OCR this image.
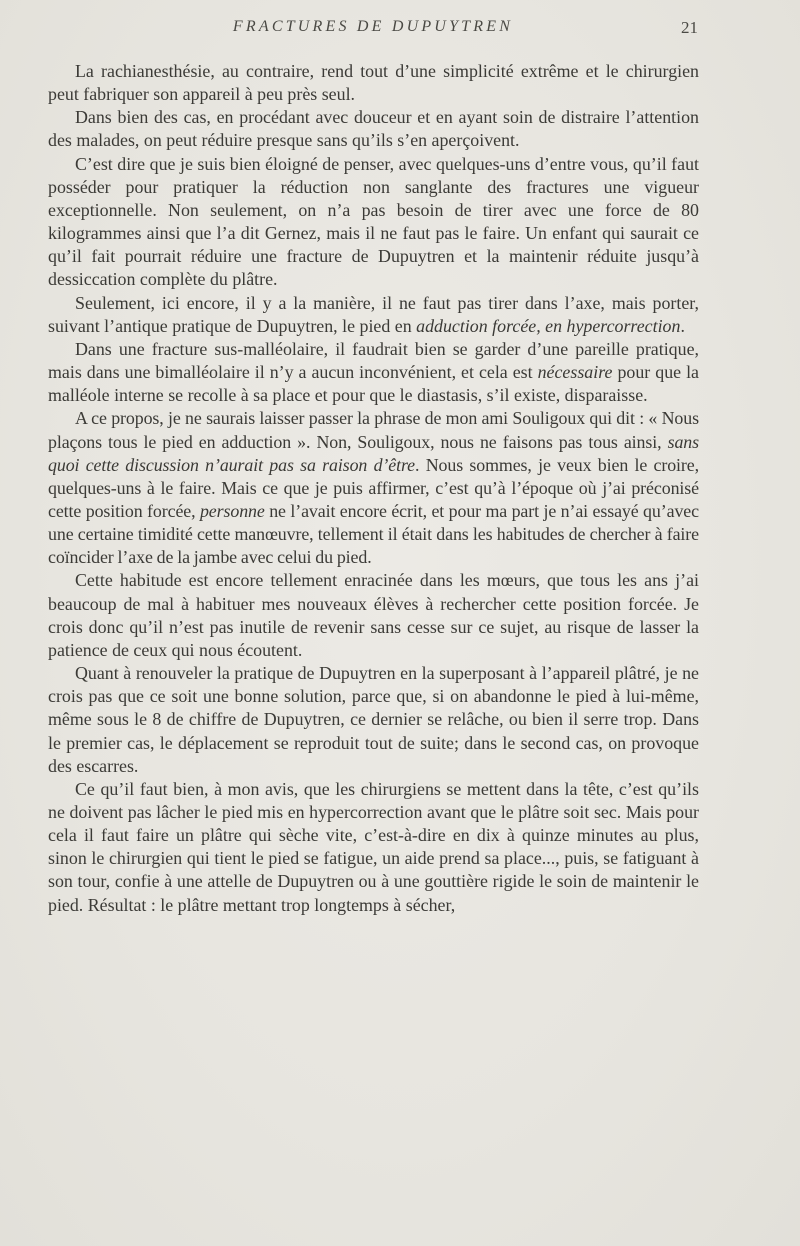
FRACTURES DE DUPUYTREN	21

La rachianesthésie, au contraire, rend tout d’une simplicité extrême et le chirurgien peut fabriquer son appareil à peu près seul.

Dans bien des cas, en procédant avec douceur et en ayant soin de distraire l’attention des malades, on peut réduire presque sans qu’ils s’en aperçoivent.

C’est dire que je suis bien éloigné de penser, avec quelques-uns d’entre vous, qu’il faut posséder pour pratiquer la réduction non sanglante des fractures une vigueur exceptionnelle. Non seulement, on n’a pas besoin de tirer avec une force de 80 kilogrammes ainsi que l’a dit Gernez, mais il ne faut pas le faire. Un enfant qui saurait ce qu’il fait pourrait réduire une fracture de Dupuytren et la maintenir réduite jusqu’à dessiccation complète du plâtre.

Seulement, ici encore, il y a la manière, il ne faut pas tirer dans l’axe, mais porter, suivant l’antique pratique de Dupuytren, le pied en adduction forcée, en hypercorrection.

Dans une fracture sus-malléolaire, il faudrait bien se garder d’une pareille pratique, mais dans une bimalléolaire il n’y a aucun inconvénient, et cela est nécessaire pour que la malléole interne se recolle à sa place et pour que le diastasis, s’il existe, disparaisse.

A ce propos, je ne saurais laisser passer la phrase de mon ami Souligoux qui dit : « Nous plaçons tous le pied en adduction ». Non, Souligoux, nous ne faisons pas tous ainsi, sans quoi cette discussion n’aurait pas sa raison d’être. Nous sommes, je veux bien le croire, quelques-uns à le faire. Mais ce que je puis affirmer, c’est qu’à l’époque où j’ai préconisé cette position forcée, personne ne l’avait encore écrit, et pour ma part je n’ai essayé qu’avec une certaine timidité cette manœuvre, tellement il était dans les habitudes de chercher à faire coïncider l’axe de la jambe avec celui du pied.

Cette habitude est encore tellement enracinée dans les mœurs, que tous les ans j’ai beaucoup de mal à habituer mes nouveaux élèves à rechercher cette position forcée. Je crois donc qu’il n’est pas inutile de revenir sans cesse sur ce sujet, au risque de lasser la patience de ceux qui nous écoutent.

Quant à renouveler la pratique de Dupuytren en la superposant à l’appareil plâtré, je ne crois pas que ce soit une bonne solution, parce que, si on abandonne le pied à lui-même, même sous le 8 de chiffre de Dupuytren, ce dernier se relâche, ou bien il serre trop. Dans le premier cas, le déplacement se reproduit tout de suite; dans le second cas, on provoque des escarres.

Ce qu’il faut bien, à mon avis, que les chirurgiens se mettent dans la tête, c’est qu’ils ne doivent pas lâcher le pied mis en hypercorrection avant que le plâtre soit sec. Mais pour cela il faut faire un plâtre qui sèche vite, c’est-à-dire en dix à quinze minutes au plus, sinon le chirurgien qui tient le pied se fatigue, un aide prend sa place..., puis, se fatiguant à son tour, confie à une attelle de Dupuytren ou à une gouttière rigide le soin de maintenir le pied. Résultat : le plâtre mettant trop longtemps à sécher,
